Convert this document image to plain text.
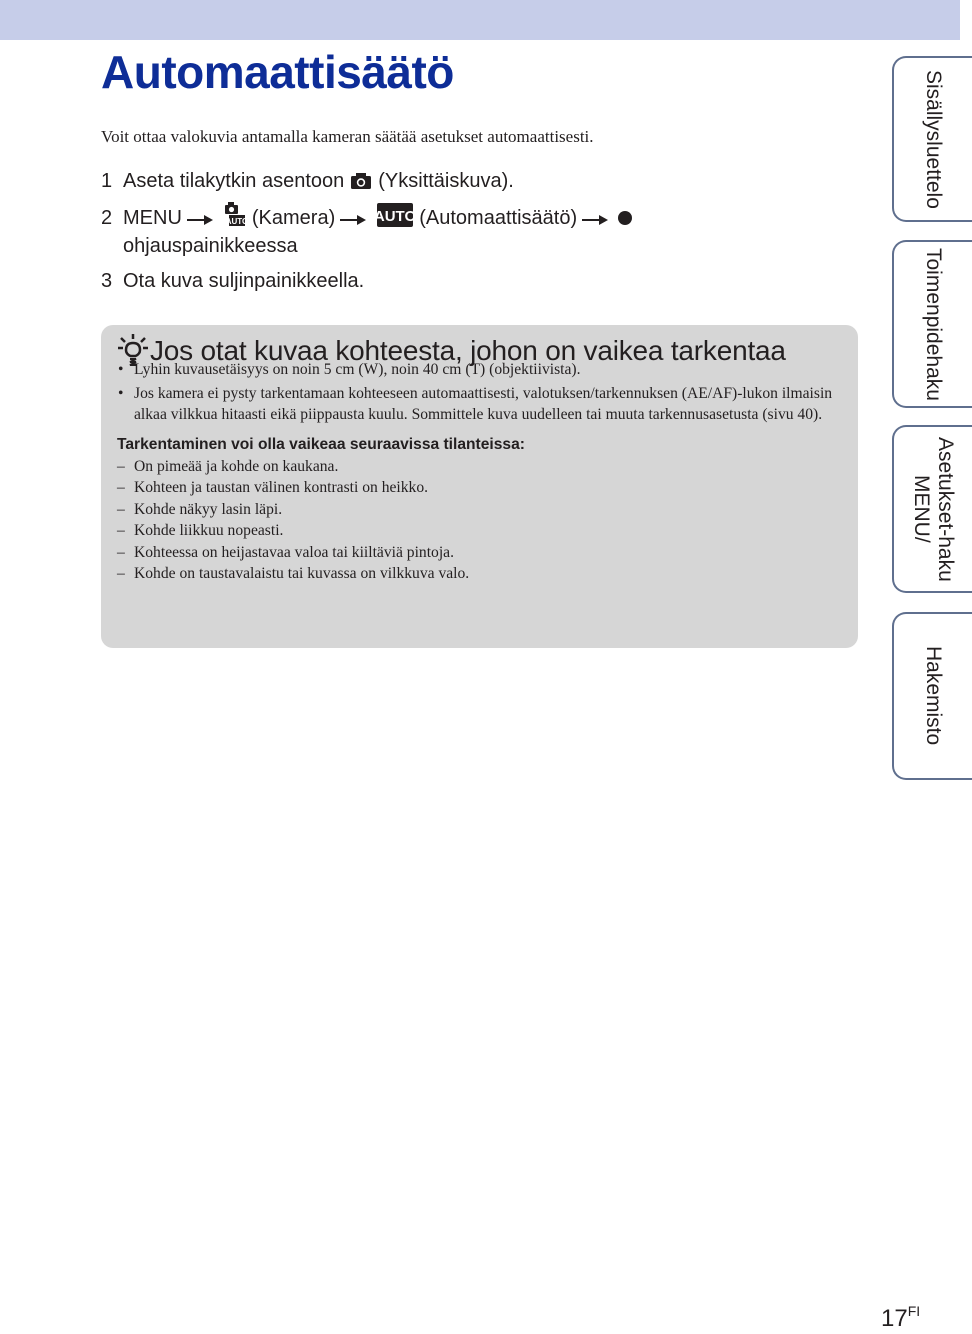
Automaattisäätö
Voit ottaa valokuvia antamalla kameran säätää asetukset automaattisesti.
1 Aseta tilakytkin asentoon (Yksittäiskuva).
2 MENU	AUTO (Kamera)	AUTO (Automaattisäätö)
ohjauspainikkeessa
3 Ota kuva suljinpainikkeella.
Jos otat kuvaa kohteesta, johon on vaikea tarkentaa
• Lyhin kuvausetäisyys on noin 5 cm (W), noin 40 cm (T) (objektiivista).
• Jos kamera ei pysty tarkentamaan kohteeseen automaattisesti, valotuksen/tarkennuksen (AE/AF)-lukon ilmaisin alkaa vilkkua hitaasti eikä piippausta kuulu. Sommittele kuva uudelleen tai muuta tarkennusasetusta (sivu 40).
Tarkentaminen voi olla vaikeaa seuraavissa tilanteissa:
– On pimeää ja kohde on kaukana.
– Kohteen ja taustan välinen kontrasti on heikko.
– Kohde näkyy lasin läpi.
– Kohde liikkuu nopeasti.
– Kohteessa on heijastavaa valoa tai kiiltäviä pintoja.
– Kohde on taustavalaistu tai kuvassa on vilkkuva valo.
Sisällysluettelo
Toimenpidehaku
MENU/ Asetukset-haku
Hakemisto
$17^{FI}$
